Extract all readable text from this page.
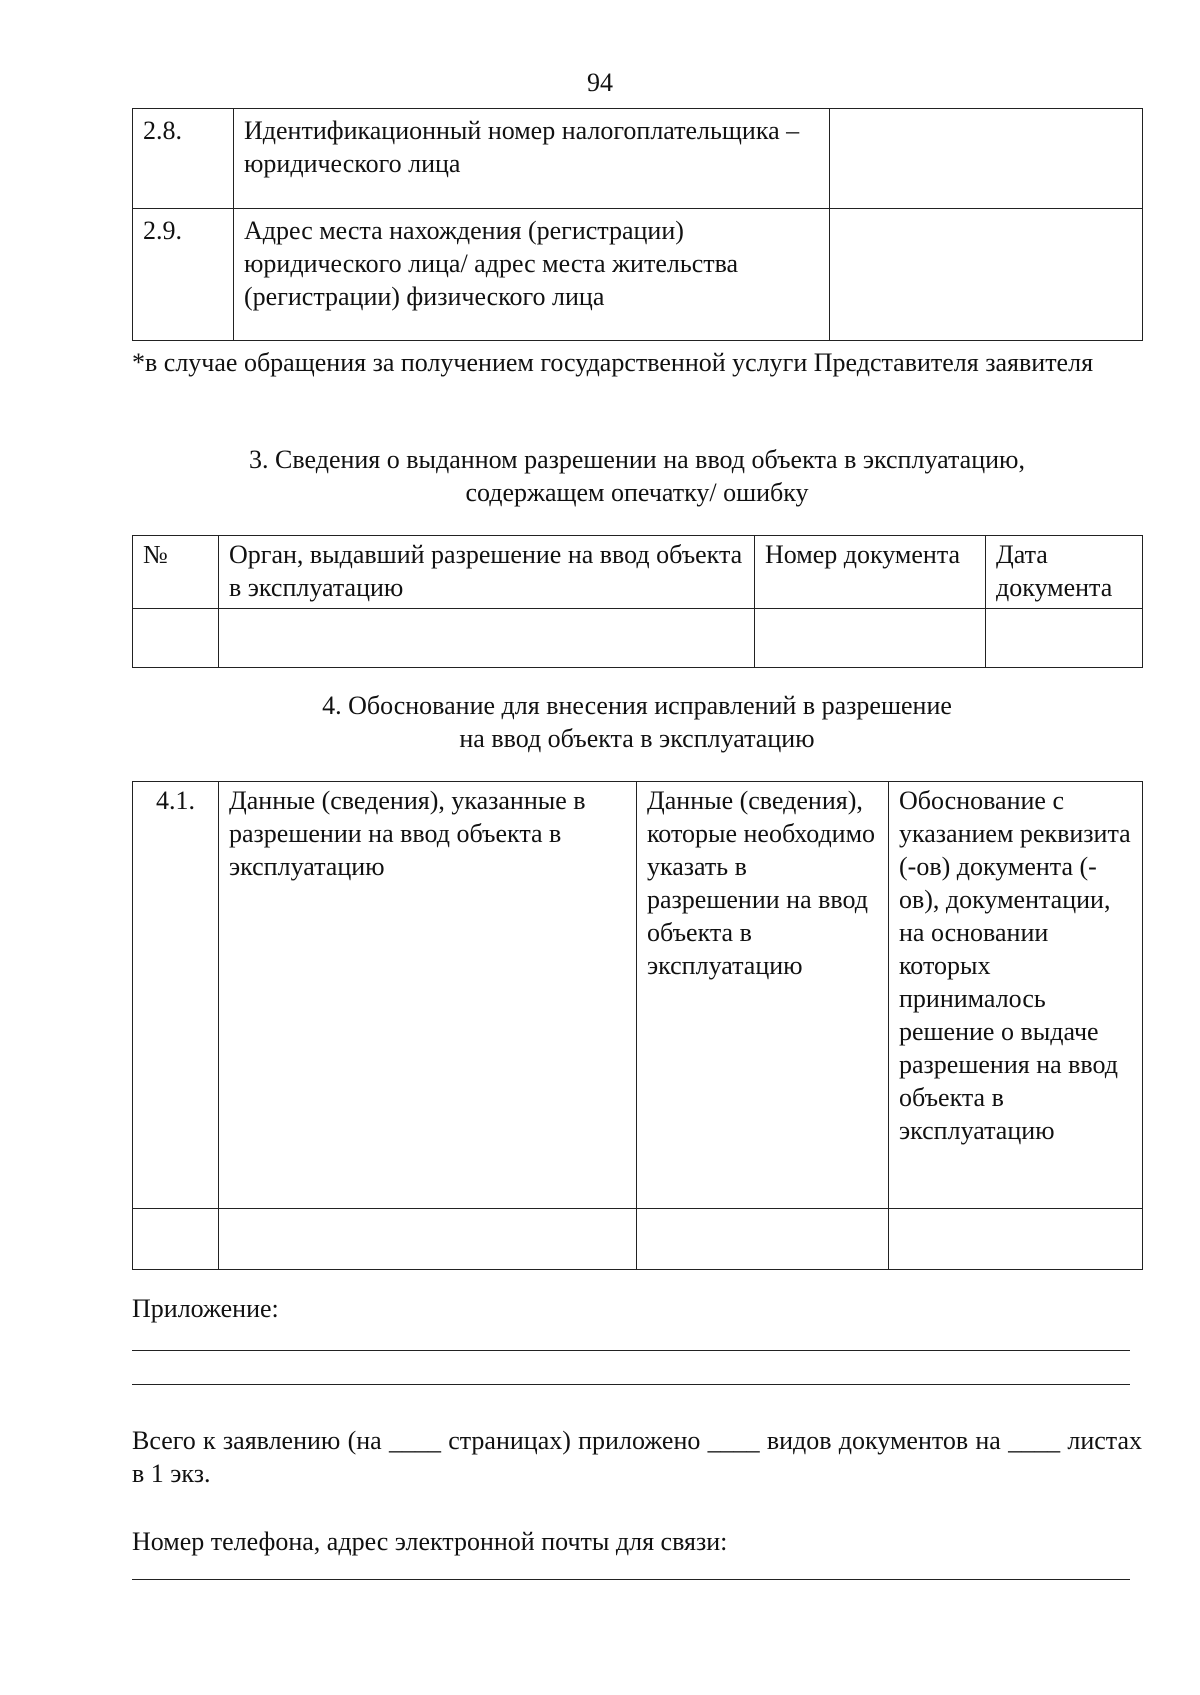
94
2.8.	Идентификационный номер налогоплательщика – юридического лица	
2.9.	Адрес места нахождения (регистрации) юридического лица/ адрес места жительства (регистрации) физического лица	
*в случае обращения за получением государственной услуги Представителя заявителя
3. Сведения о выданном разрешении на ввод объекта в эксплуатацию,
содержащем опечатку/ ошибку
№	Орган, выдавший разрешение на ввод объекта в эксплуатацию	Номер документа	Дата документа

4. Обоснование для внесения исправлений в разрешение
на ввод объекта в эксплуатацию
4.1.	Данные (сведения), указанные в разрешении на ввод объекта в эксплуатацию	Данные (сведения), которые необходимо указать в разрешении на ввод объекта в эксплуатацию	Обоснование с указанием реквизита (-ов) документа (-ов), документации, на основании которых принималось решение о выдаче разрешения на ввод объекта в эксплуатацию

Приложение:
Всего к заявлению (на ____ страницах) приложено ____ видов документов на ____ листах в 1 экз.
Номер телефона, адрес электронной почты для связи:
